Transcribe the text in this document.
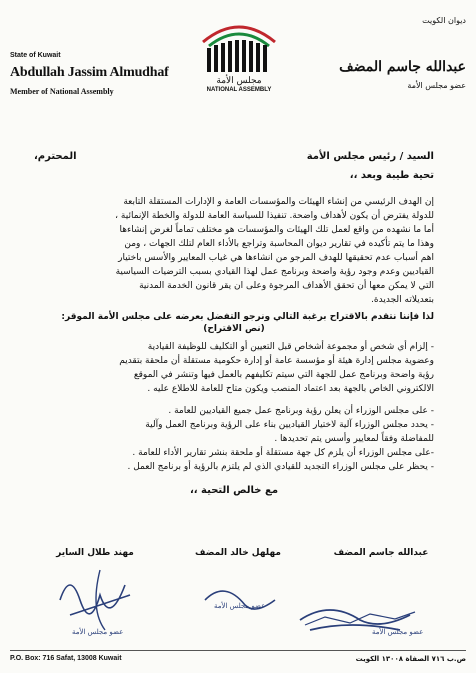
State of Kuwait
Abdullah Jassim Almudhaf
Member of National Assembly
مجلس الأمة
NATIONAL ASSEMBLY
ديوان الكويت
عبدالله جاسم المضف
عضو مجلس الأمة
السيد / رئيس مجلس الأمة
المحترم،
تحية طيبة وبعد ،،
إن الهدف الرئيسي من إنشاء الهيئات والمؤسسات العامة و الإدارات المستقلة التابعة
للدولة يفترض أن يكون لأهداف واضحة. تنفيذا للسياسة العامة للدولة والخطة الإنمائية ،
أما ما نشهده من واقع لعمل تلك الهيئات والمؤسسات هو مختلف تماماً لغرض إنشاءها
وهذا ما يتم تأكيده في تقارير ديوان المحاسبة وتراجع بالأداء العام لتلك الجهات ، ومن
اهم أسباب عدم تحقيقها للهدف المرجو من انشاءها هي غياب المعايير والأسس باختيار
القياديين وعدم وجود رؤية واضحة وبرنامج عمل لهذا القيادي بسبب الترضيات السياسية
التي لا يمكن معها أن تحقق الأهداف المرجوة وعلى ان يقر قانون الخدمة المدنية
بتعديلاته الجديدة.
لذا فإننا نتقدم بالاقتراح برغبة التالي ونرجو التفضل بعرضه على مجلس الأمة الموقر:
(نص الاقتراح)
- إلزام أي شخص أو مجموعة أشخاص قبل التعيين أو التكليف للوظيفة القيادية
وعضوية مجلس إدارة هيئة أو مؤسسة عامة أو إدارة حكومية مستقلة أن ملحقة بتقديم
رؤية واضحة وبرنامج عمل للجهة التي سيتم تكليفهم بالعمل فيها وتنشر في الموقع
الالكتروني الخاص بالجهة بعد اعتماد المنصب ويكون متاح للعامة للاطلاع عليه .
- على مجلس الوزراء أن يعلن رؤية وبرنامج عمل جميع القياديين للعامة .
- يحدد مجلس الوزراء آلية لاختيار القياديين بناء على الرؤية وبرنامج العمل وآلية
للمفاضلة وفقاً لمعايير وأسس يتم تحديدها .
-على مجلس الوزراء أن يلزم كل جهة مستقلة أو ملحقة بنشر تقارير الأداء للعامة .
- يحظر على مجلس الوزراء التجديد للقيادي الذي لم يلتزم بالرؤية أو برنامج العمل .
مع خالص التحية ،،
عبدالله جاسم المضف
مهلهل خالد المضف
مهند طلال الساير
عضو مجلس الأمة
عضو مجلس الأمة
عضو مجلس الأمة
P.O. Box: 716 Safat, 13008 Kuwait	ص.ب ٧١٦ الصفاة ١٣٠٠٨ الكويت
